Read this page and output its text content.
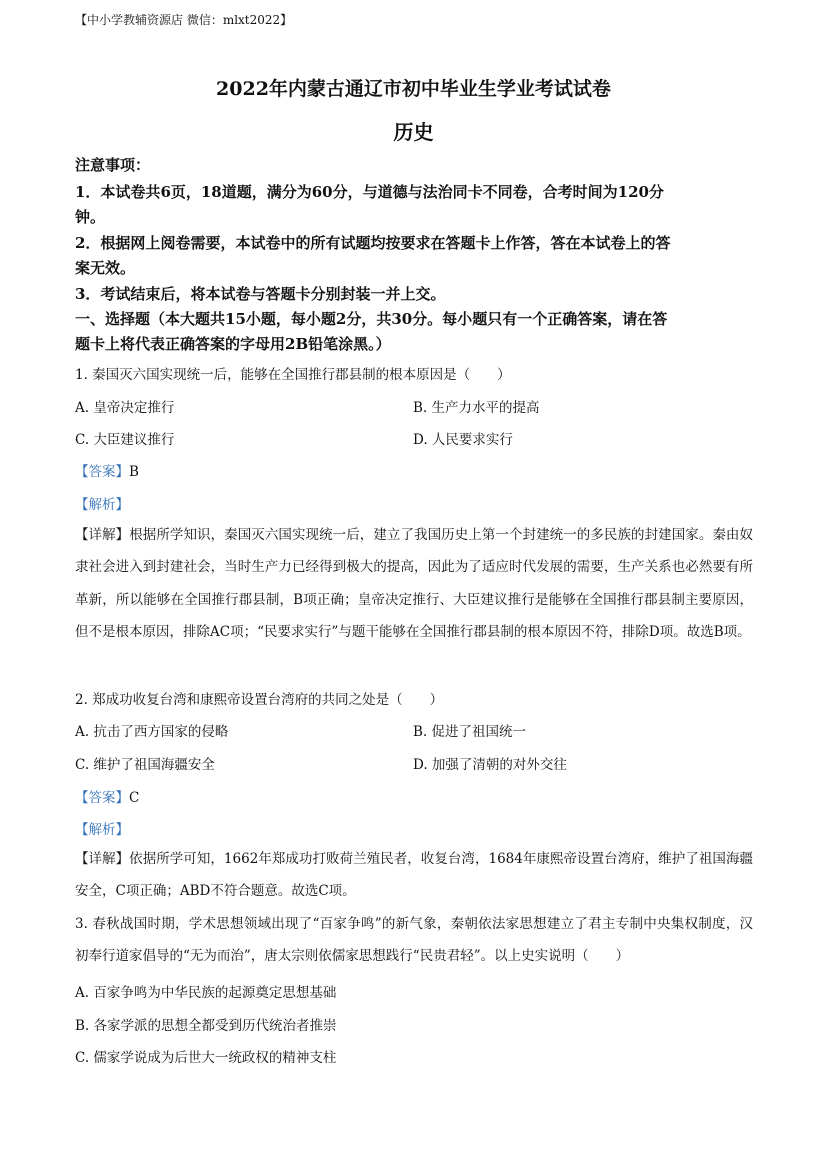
【中小学教辅资源店 微信：mlxt2022】
2022年内蒙古通辽市初中毕业生学业考试试卷
历史
注意事项：
1．本试卷共6页，18道题，满分为60分，与道德与法治同卡不同卷，合考时间为120分
钟。
2．根据网上阅卷需要，本试卷中的所有试题均按要求在答题卡上作答，答在本试卷上的答
案无效。
3．考试结束后，将本试卷与答题卡分别封装一并上交。
一、选择题（本大题共15小题，每小题2分，共30分。每小题只有一个正确答案，请在答
题卡上将代表正确答案的字母用2B铅笔涂黑。）
1. 秦国灭六国实现统一后，能够在全国推行郡县制的根本原因是（　　）
A. 皇帝决定推行	B. 生产力水平的提高
C. 大臣建议推行	D. 人民要求实行
【答案】B
【解析】
【详解】根据所学知识，秦国灭六国实现统一后，建立了我国历史上第一个封建统一的多民族的封建国家。秦由奴隶社会进入到封建社会，当时生产力已经得到极大的提高，因此为了适应时代发展的需要，生产关系也必然要有所革新，所以能够在全国推行郡县制，B项正确；皇帝决定推行、大臣建议推行是能够在全国推行郡县制主要原因，但不是根本原因，排除AC项；“民要求实行”与题干能够在全国推行郡县制的根本原因不符，排除D项。故选B项。
2. 郑成功收复台湾和康熙帝设置台湾府的共同之处是（　　）
A. 抗击了西方国家的侵略	B. 促进了祖国统一
C. 维护了祖国海疆安全	D. 加强了清朝的对外交往
【答案】C
【解析】
【详解】依据所学可知，1662年郑成功打败荷兰殖民者，收复台湾，1684年康熙帝设置台湾府，维护了祖国海疆安全，C项正确；ABD不符合题意。故选C项。
3. 春秋战国时期，学术思想领域出现了“百家争鸣”的新气象，秦朝依法家思想建立了君主专制中央集权制度，汉初奉行道家倡导的“无为而治”，唐太宗则依儒家思想践行“民贵君轻”。以上史实说明（　　）
A. 百家争鸣为中华民族的起源奠定思想基础
B. 各家学派的思想全都受到历代统治者推崇
C. 儒家学说成为后世大一统政权的精神支柱
